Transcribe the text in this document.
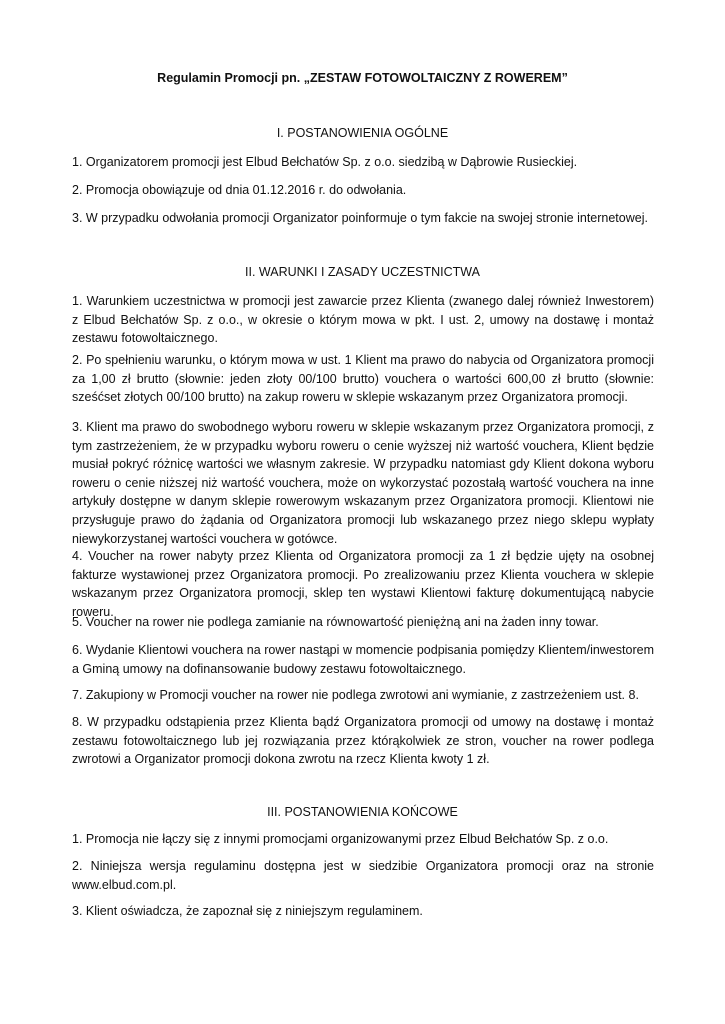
Regulamin Promocji pn. „ZESTAW FOTOWOLTAICZNY Z ROWEREM”
I. POSTANOWIENIA OGÓLNE

1. Organizatorem promocji jest Elbud Bełchatów Sp. z o.o. siedzibą w Dąbrowie Rusieckiej.

2. Promocja obowiązuje od dnia 01.12.2016 r. do odwołania.

3. W przypadku odwołania promocji Organizator poinformuje o tym fakcie na swojej stronie internetowej.

II. WARUNKI I ZASADY UCZESTNICTWA

1. Warunkiem uczestnictwa w promocji jest zawarcie przez Klienta (zwanego dalej również Inwestorem) z Elbud Bełchatów Sp. z o.o., w okresie o którym mowa w pkt. I ust. 2, umowy na dostawę i montaż zestawu fotowoltaicznego.

2. Po spełnieniu warunku, o którym mowa w ust. 1 Klient ma prawo do nabycia od Organizatora promocji za 1,00 zł brutto (słownie: jeden złoty 00/100 brutto) vouchera o wartości 600,00 zł brutto (słownie: sześćset złotych 00/100 brutto) na zakup roweru w sklepie wskazanym przez Organizatora promocji.

3. Klient ma prawo do swobodnego wyboru roweru w sklepie wskazanym przez Organizatora promocji, z tym zastrzeżeniem, że w przypadku wyboru roweru o cenie wyższej niż wartość vouchera, Klient będzie musiał pokryć różnicę wartości we własnym zakresie. W przypadku natomiast gdy Klient dokona wyboru roweru o cenie niższej niż wartość vouchera, może on wykorzystać pozostałą wartość vouchera na inne artykuły dostępne w danym sklepie rowerowym wskazanym przez Organizatora promocji. Klientowi nie przysługuje prawo do żądania od Organizatora promocji lub wskazanego przez niego sklepu wypłaty niewykorzystanej wartości vouchera w gotówce.

4. Voucher na rower nabyty przez Klienta od Organizatora promocji za 1 zł będzie ujęty na osobnej fakturze wystawionej przez Organizatora promocji. Po zrealizowaniu przez Klienta vouchera w sklepie wskazanym przez Organizatora promocji, sklep ten wystawi Klientowi fakturę dokumentującą nabycie roweru.

5. Voucher na rower nie podlega zamianie na równowartość pieniężną ani na żaden inny towar.

6. Wydanie Klientowi vouchera na rower nastąpi w momencie podpisania pomiędzy Klientem/inwestorem a Gminą umowy na dofinansowanie budowy zestawu fotowoltaicznego.

7. Zakupiony w Promocji voucher na rower nie podlega zwrotowi ani wymianie, z zastrzeżeniem ust. 8.

8. W przypadku odstąpienia przez Klienta bądź Organizatora promocji od umowy na dostawę i montaż zestawu fotowoltaicznego lub jej rozwiązania przez którąkolwiek ze stron, voucher na rower podlega zwrotowi a Organizator promocji dokona zwrotu na rzecz Klienta kwoty 1 zł.

III. POSTANOWIENIA KOŃCOWE

1. Promocja nie łączy się z innymi promocjami organizowanymi przez Elbud Bełchatów Sp. z o.o.

2. Niniejsza wersja regulaminu dostępna jest w siedzibie Organizatora promocji oraz na stronie www.elbud.com.pl.

3. Klient oświadcza, że zapoznał się z niniejszym regulaminem.
